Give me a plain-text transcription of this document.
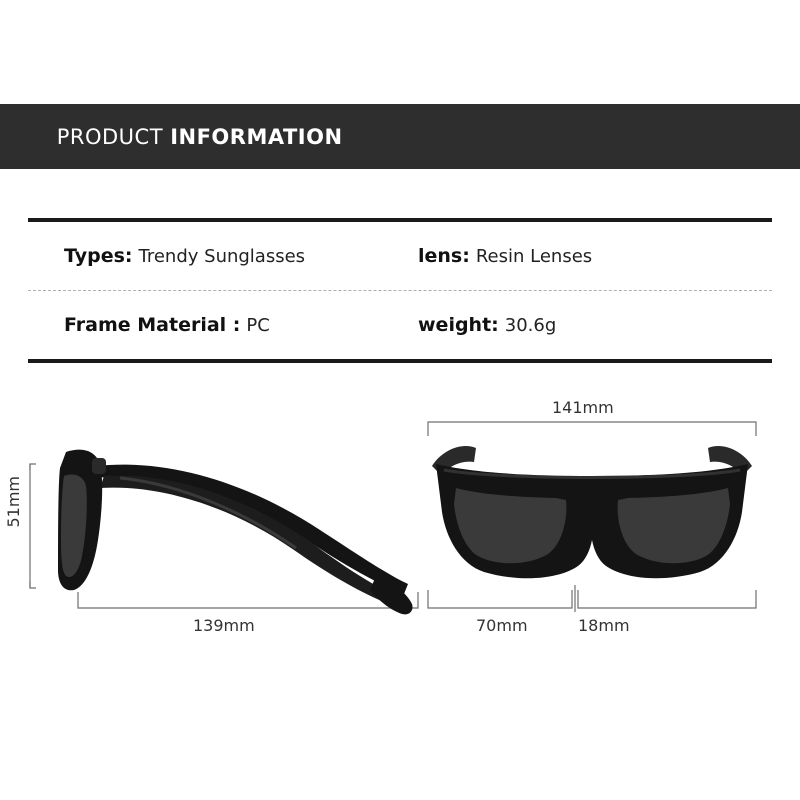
PRODUCT INFORMATION

Types: Trendy Sunglasses	lens: Resin Lenses
Frame Material : PC	weight: 30.6g
51mm
139mm
141mm
70mm	18mm
